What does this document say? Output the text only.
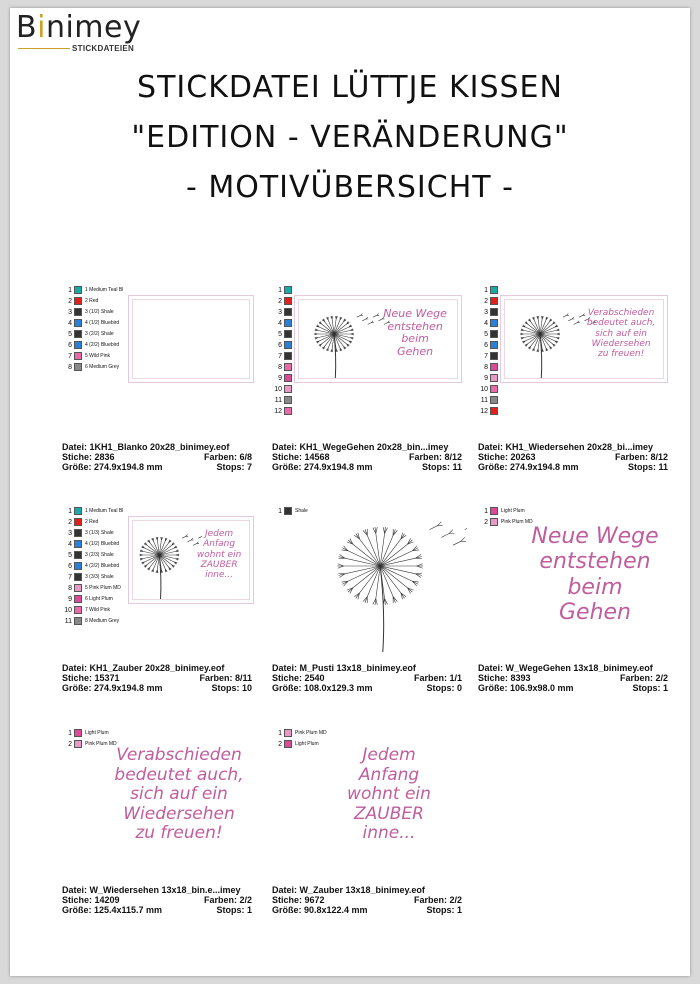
Binimey
STICKDATEIEN
STICKDATEI LÜTTJE KISSEN
"EDITION - VERÄNDERUNG"
- MOTIVÜBERSICHT -
1	1 Medium Teal Bl
2	2 Red
3	3 (1/2) Shale
4	4 (1/2) Bluebird
5	3 (2/2) Shale
6	4 (2/2) Bluebird
7	5 Wild Pink
8	6 Medium Grey
Datei: 1KH1_Blanko 20x28_binimey.eof
Stiche: 2836	Farben: 6/8
Größe: 274.9x194.8 mm	Stops: 7
1
2
3
4
5
6
7
8
9
10
11
12
Neue Wege
entstehen
beim
Gehen
Datei: KH1_WegeGehen 20x28_bin...imey
Stiche: 14568	Farben: 8/12
Größe: 274.9x194.8 mm	Stops: 11
1
2
3
4
5
6
7
8
9
10
11
12
Verabschieden
bedeutet auch,
sich auf ein
Wiedersehen
zu freuen!
Datei: KH1_Wiedersehen 20x28_bi...imey
Stiche: 20263	Farben: 8/12
Größe: 274.9x194.8 mm	Stops: 11
1	1 Medium Teal Bl
2	2 Red
3	3 (1/3) Shale
4	4 (1/2) Bluebird
5	3 (2/3) Shale
6	4 (2/2) Bluebird
7	3 (3/3) Shale
8	5 Pink Plum MD
9	6 Light Plum
10	7 Wild Pink
11	8 Medium Grey
Jedem
Anfang
wohnt ein
ZAUBER
inne...
Datei: KH1_Zauber 20x28_binimey.eof
Stiche: 15371	Farben: 8/11
Größe: 274.9x194.8 mm	Stops: 10
1	Shale
Datei: M_Pusti 13x18_binimey.eof
Stiche: 2540	Farben: 1/1
Größe: 108.0x129.3 mm	Stops: 0
1	Light Plum
2	Pink Plum MD
Neue Wege
entstehen
beim
Gehen
Datei: W_WegeGehen 13x18_binimey.eof
Stiche: 8393	Farben: 2/2
Größe: 106.9x98.0 mm	Stops: 1
1	Light Plum
2	Pink Plum MD
Verabschieden
bedeutet auch,
sich auf ein
Wiedersehen
zu freuen!
Datei: W_Wiedersehen 13x18_bin.e...imey
Stiche: 14209	Farben: 2/2
Größe: 125.4x115.7 mm	Stops: 1
1	Pink Plum MD
2	Light Plum
Jedem
Anfang
wohnt ein
ZAUBER
inne...
Datei: W_Zauber 13x18_binimey.eof
Stiche: 9672	Farben: 2/2
Größe: 90.8x122.4 mm	Stops: 1
